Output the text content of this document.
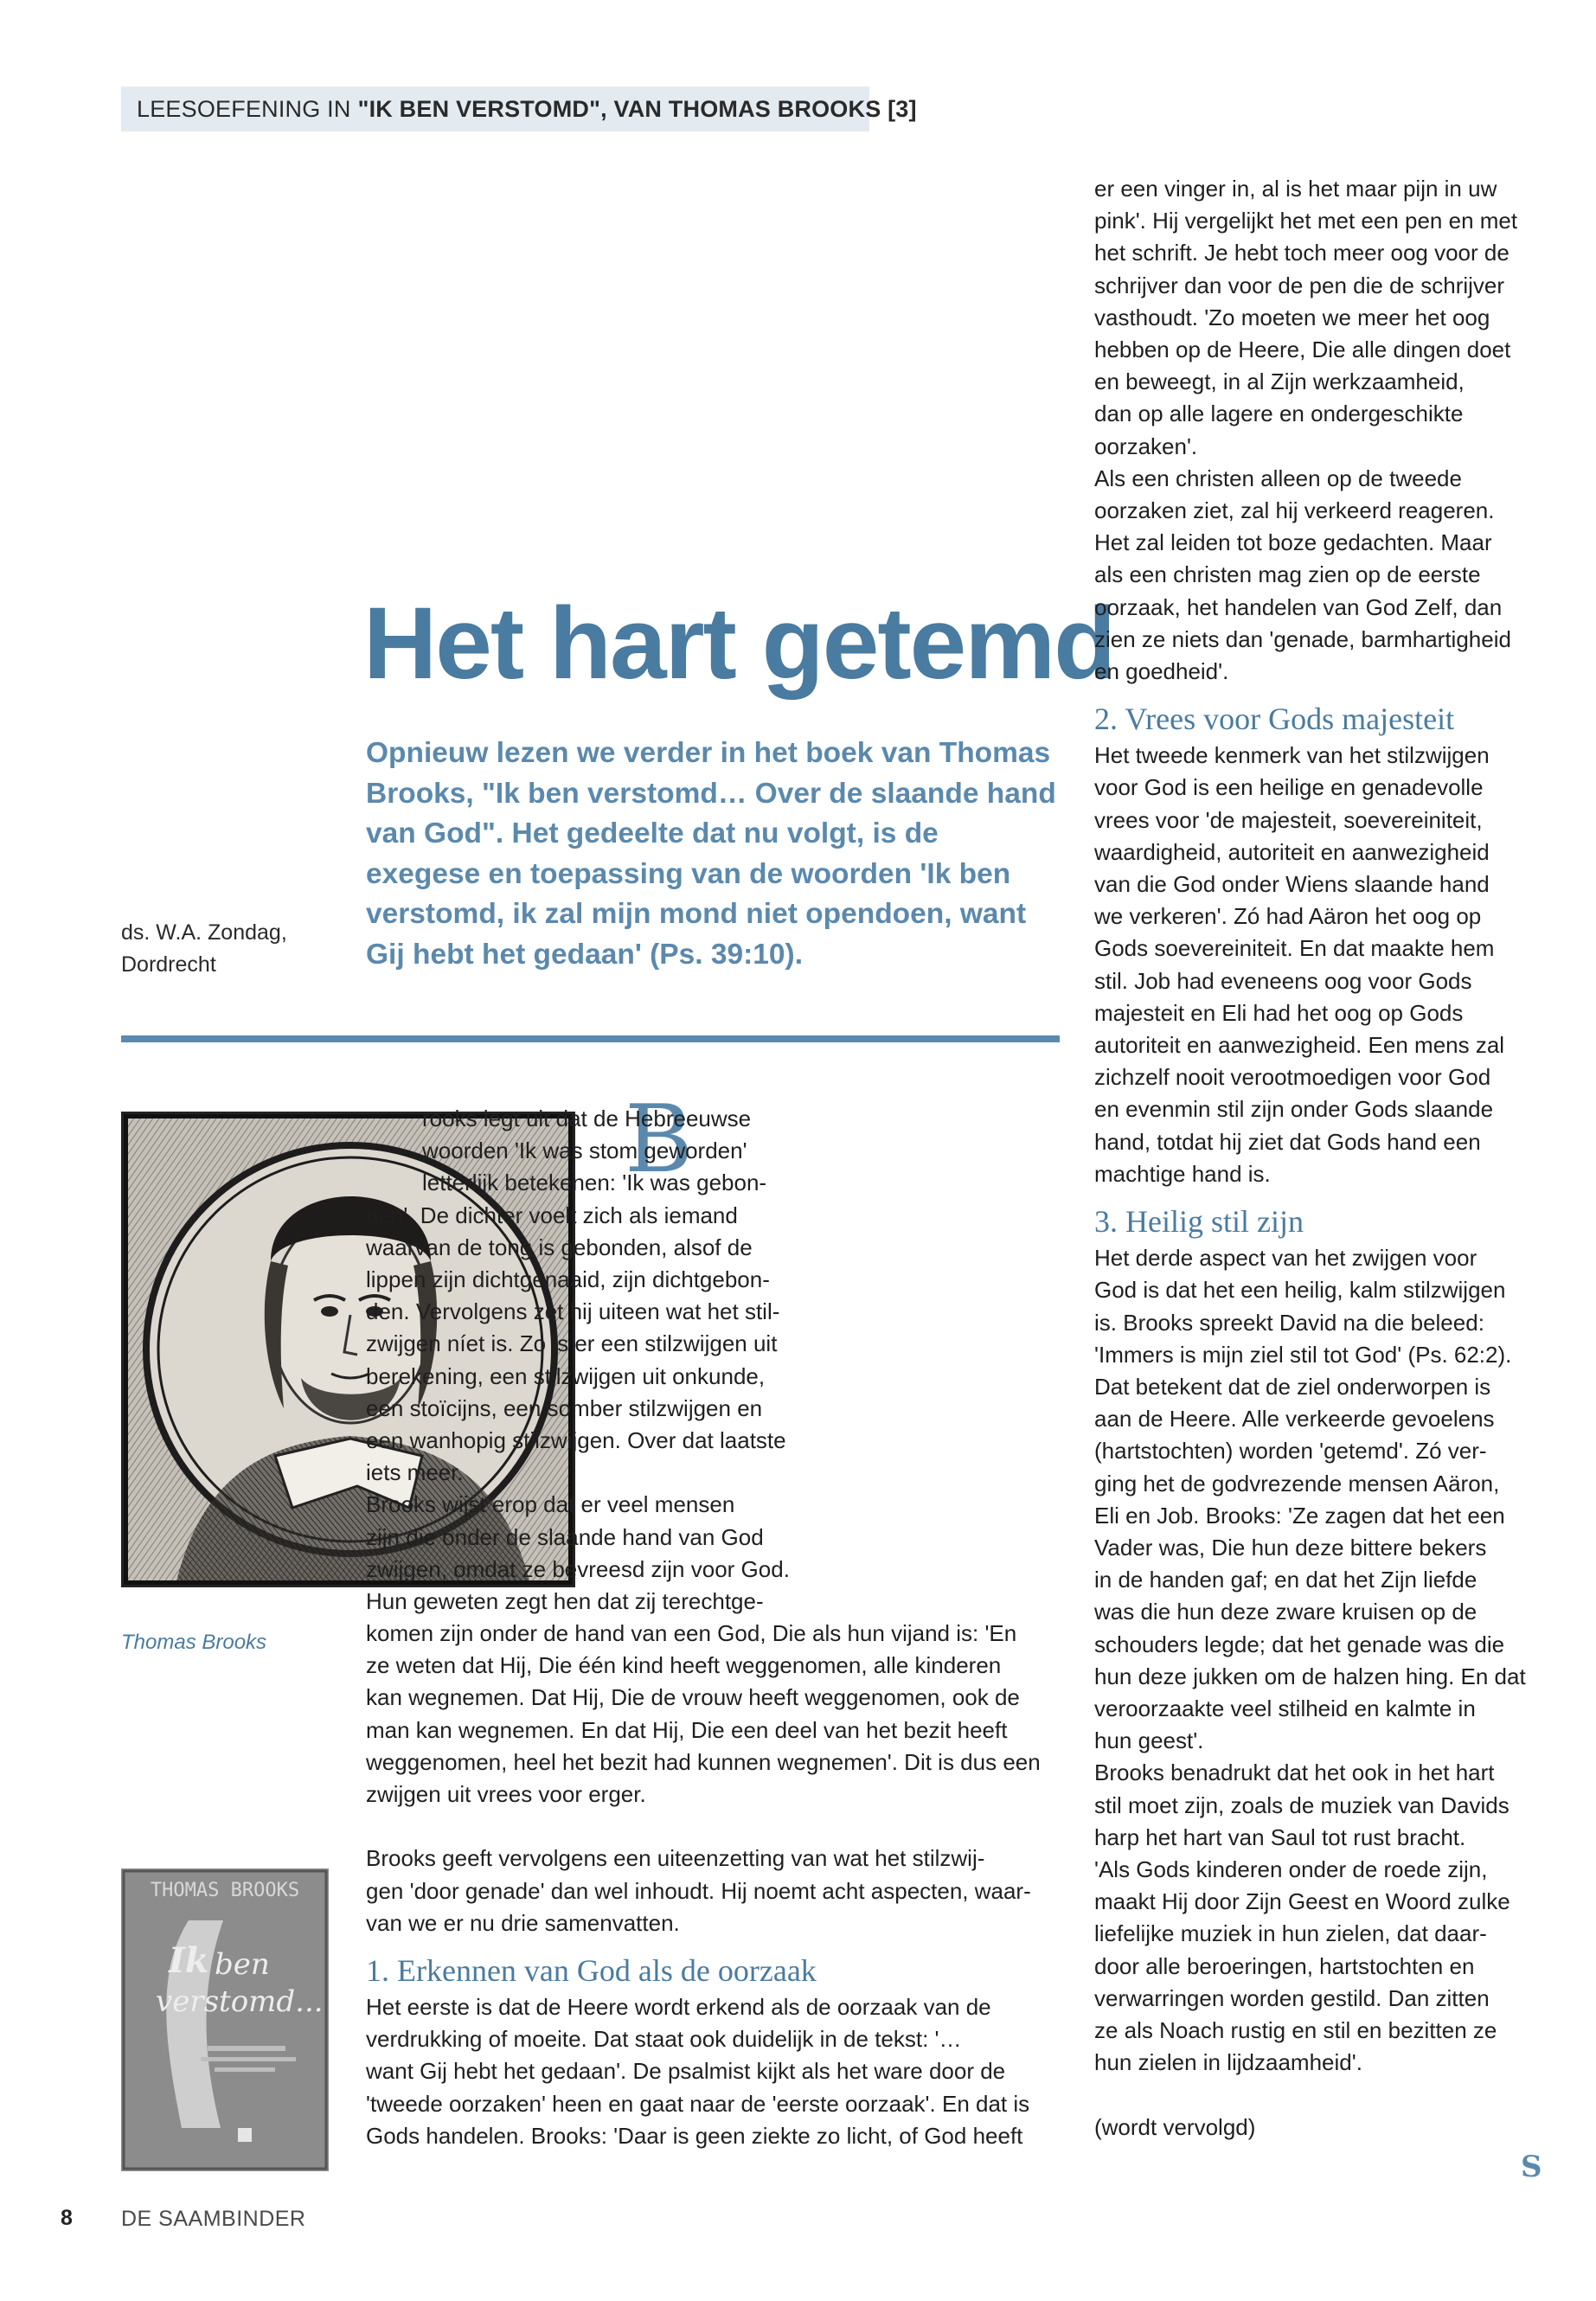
LEESOEFENING IN "IK BEN VERSTOMD", VAN THOMAS BROOKS [3]
Het hart getemd
Opnieuw lezen we verder in het boek van Thomas Brooks, "Ik ben verstomd… Over de slaande hand van God". Het gedeelte dat nu volgt, is de exegese en toepassing van de woorden 'Ik ben verstomd, ik zal mijn mond niet opendoen, want Gij hebt het gedaan' (Ps. 39:10).
ds. W.A. Zondag,
Dordrecht
Thomas Brooks
THOMAS BROOKS
Ik ben
verstomd...
B
rooks legt uit dat de Hebreeuwse
woorden 'Ik was stom geworden'
letterlijk betekenen: 'Ik was gebon-
den'. De dichter voelt zich als iemand
waarvan de tong is gebonden, alsof de
lippen zijn dichtgenaaid, zijn dichtgebon-
den. Vervolgens zet hij uiteen wat het stil-
zwijgen níet is. Zo is er een stilzwijgen uit
berekening, een stilzwijgen uit onkunde,
een stoïcijns, een somber stilzwijgen en
een wanhopig stilzwijgen. Over dat laatste
iets meer.
Brooks wijst erop dat er veel mensen
zijn die onder de slaande hand van God
zwijgen, omdat ze bevreesd zijn voor God.
Hun geweten zegt hen dat zij terechtge-
komen zijn onder de hand van een God, Die als hun vijand is: 'En
ze weten dat Hij, Die één kind heeft weggenomen, alle kinderen
kan wegnemen. Dat Hij, Die de vrouw heeft weggenomen, ook de
man kan wegnemen. En dat Hij, Die een deel van het bezit heeft
weggenomen, heel het bezit had kunnen wegnemen'. Dit is dus een
zwijgen uit vrees voor erger.
Brooks geeft vervolgens een uiteenzetting van wat het stilzwij-
gen 'door genade' dan wel inhoudt. Hij noemt acht aspecten, waar-
van we er nu drie samenvatten.
1. Erkennen van God als de oorzaak
Het eerste is dat de Heere wordt erkend als de oorzaak van de
verdrukking of moeite. Dat staat ook duidelijk in de tekst: '…
want Gij hebt het gedaan'. De psalmist kijkt als het ware door de
'tweede oorzaken' heen en gaat naar de 'eerste oorzaak'. En dat is
Gods handelen. Brooks: 'Daar is geen ziekte zo licht, of God heeft
er een vinger in, al is het maar pijn in uw
pink'. Hij vergelijkt het met een pen en met
het schrift. Je hebt toch meer oog voor de
schrijver dan voor de pen die de schrijver
vasthoudt. 'Zo moeten we meer het oog
hebben op de Heere, Die alle dingen doet
en beweegt, in al Zijn werkzaamheid,
dan op alle lagere en ondergeschikte
oorzaken'.
Als een christen alleen op de tweede
oorzaken ziet, zal hij verkeerd reageren.
Het zal leiden tot boze gedachten. Maar
als een christen mag zien op de eerste
oorzaak, het handelen van God Zelf, dan
zien ze niets dan 'genade, barmhartigheid
en goedheid'.
2. Vrees voor Gods majesteit
Het tweede kenmerk van het stilzwijgen
voor God is een heilige en genadevolle
vrees voor 'de majesteit, soevereiniteit,
waardigheid, autoriteit en aanwezigheid
van die God onder Wiens slaande hand
we verkeren'. Zó had Aäron het oog op
Gods soevereiniteit. En dat maakte hem
stil. Job had eveneens oog voor Gods
majesteit en Eli had het oog op Gods
autoriteit en aanwezigheid. Een mens zal
zichzelf nooit verootmoedigen voor God
en evenmin stil zijn onder Gods slaande
hand, totdat hij ziet dat Gods hand een
machtige hand is.
3. Heilig stil zijn
Het derde aspect van het zwijgen voor
God is dat het een heilig, kalm stilzwijgen
is. Brooks spreekt David na die beleed:
'Immers is mijn ziel stil tot God' (Ps. 62:2).
Dat betekent dat de ziel onderworpen is
aan de Heere. Alle verkeerde gevoelens
(hartstochten) worden 'getemd'. Zó ver-
ging het de godvrezende mensen Aäron,
Eli en Job. Brooks: 'Ze zagen dat het een
Vader was, Die hun deze bittere bekers
in de handen gaf; en dat het Zijn liefde
was die hun deze zware kruisen op de
schouders legde; dat het genade was die
hun deze jukken om de halzen hing. En dat
veroorzaakte veel stilheid en kalmte in
hun geest'.
Brooks benadrukt dat het ook in het hart
stil moet zijn, zoals de muziek van Davids
harp het hart van Saul tot rust bracht.
'Als Gods kinderen onder de roede zijn,
maakt Hij door Zijn Geest en Woord zulke
liefelijke muziek in hun zielen, dat daar-
door alle beroeringen, hartstochten en
verwarringen worden gestild. Dan zitten
ze als Noach rustig en stil en bezitten ze
hun zielen in lijdzaamheid'.
(wordt vervolgd)
S
8 DE SAAMBINDER
